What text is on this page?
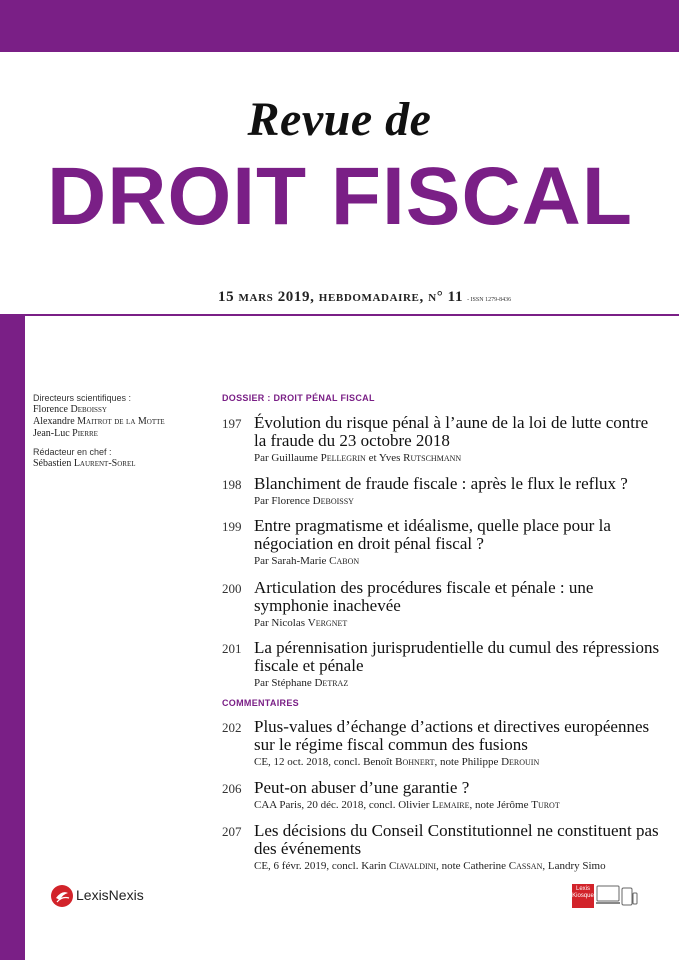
Revue de
DROIT FISCAL
15 mars 2019, hebdomadaire, n° 11 - ISSN 1279-8436
Directeurs scientifiques :
Florence Deboissy
Alexandre Maitrot de la Motte
Jean-Luc Pierre
Rédacteur en chef :
Sébastien Laurent-Sorel
DOSSIER : DROIT PÉNAL FISCAL
197 Évolution du risque pénal à l’aune de la loi de lutte contre la fraude du 23 octobre 2018
Par Guillaume Pellegrin et Yves Rutschmann
198 Blanchiment de fraude fiscale : après le flux le reflux ?
Par Florence Deboissy
199 Entre pragmatisme et idéalisme, quelle place pour la négociation en droit pénal fiscal ?
Par Sarah-Marie Cabon
200 Articulation des procédures fiscale et pénale : une symphonie inachevée
Par Nicolas Vergnet
201 La pérennisation jurisprudentielle du cumul des répressions fiscale et pénale
Par Stéphane Detraz
COMMENTAIRES
202 Plus-values d’échange d’actions et directives européennes sur le régime fiscal commun des fusions
CE, 12 oct. 2018, concl. Benoît Bohnert, note Philippe Derouin
206 Peut-on abuser d’une garantie ?
CAA Paris, 20 déc. 2018, concl. Olivier Lemaire, note Jérôme Turot
207 Les décisions du Conseil Constitutionnel ne constituent pas des événements
CE, 6 févr. 2019, concl. Karin Ciavaldini, note Catherine Cassan, Landry Simo
LexisNexis	Lexis Kiosque
